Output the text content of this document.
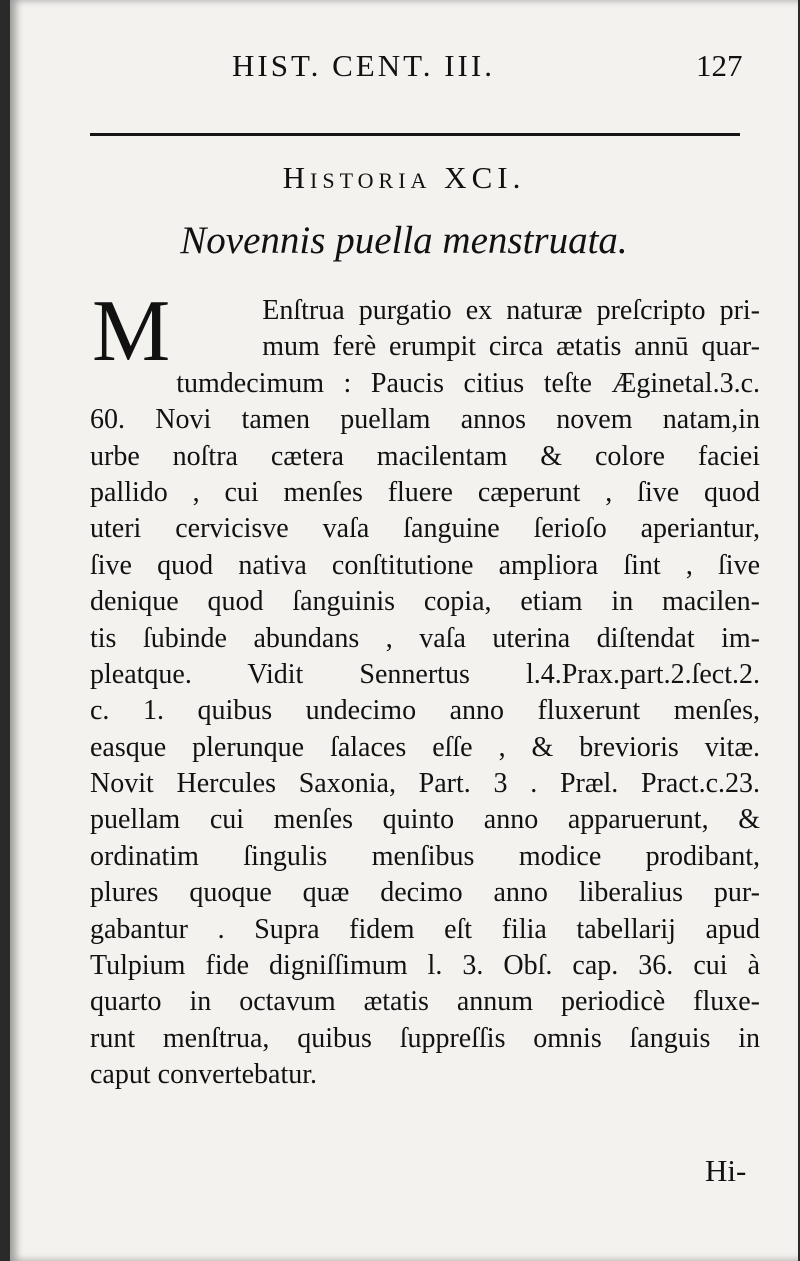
HIST. CENT. III.	127
Historia XCI.
Novennis puella menstruata.
M	Enſtrua purgatio ex naturæ preſcripto pri-
mum ferè erumpit circa ætatis annū quar-
tumdecimum : Paucis citius teſte Æginetal.3.c.
60. Novi tamen puellam annos novem natam,in
urbe noſtra cætera macilentam & colore faciei
pallido , cui menſes fluere cæperunt , ſive quod
uteri cervicisve vaſa ſanguine ſerioſo aperiantur,
ſive quod nativa conſtitutione ampliora ſint , ſive
denique quod ſanguinis copia, etiam in macilen-
tis ſubinde abundans , vaſa uterina diſtendat im-
pleatque. Vidit Sennertus l.4.Prax.part.2.ſect.2.
c. 1. quibus undecimo anno fluxerunt menſes,
easque plerunque ſalaces eſſe , & brevioris vitæ.
Novit Hercules Saxonia, Part. 3 . Præl. Pract.c.23.
puellam cui menſes quinto anno apparuerunt, &
ordinatim ſingulis menſibus modice prodibant,
plures quoque quæ decimo anno liberalius pur-
gabantur . Supra fidem eſt filia tabellarij apud
Tulpium fide digniſſimum l. 3. Obſ. cap. 36. cui à
quarto in octavum ætatis annum periodicè fluxe-
runt menſtrua, quibus ſuppreſſis omnis ſanguis in
caput convertebatur.
Hi-
